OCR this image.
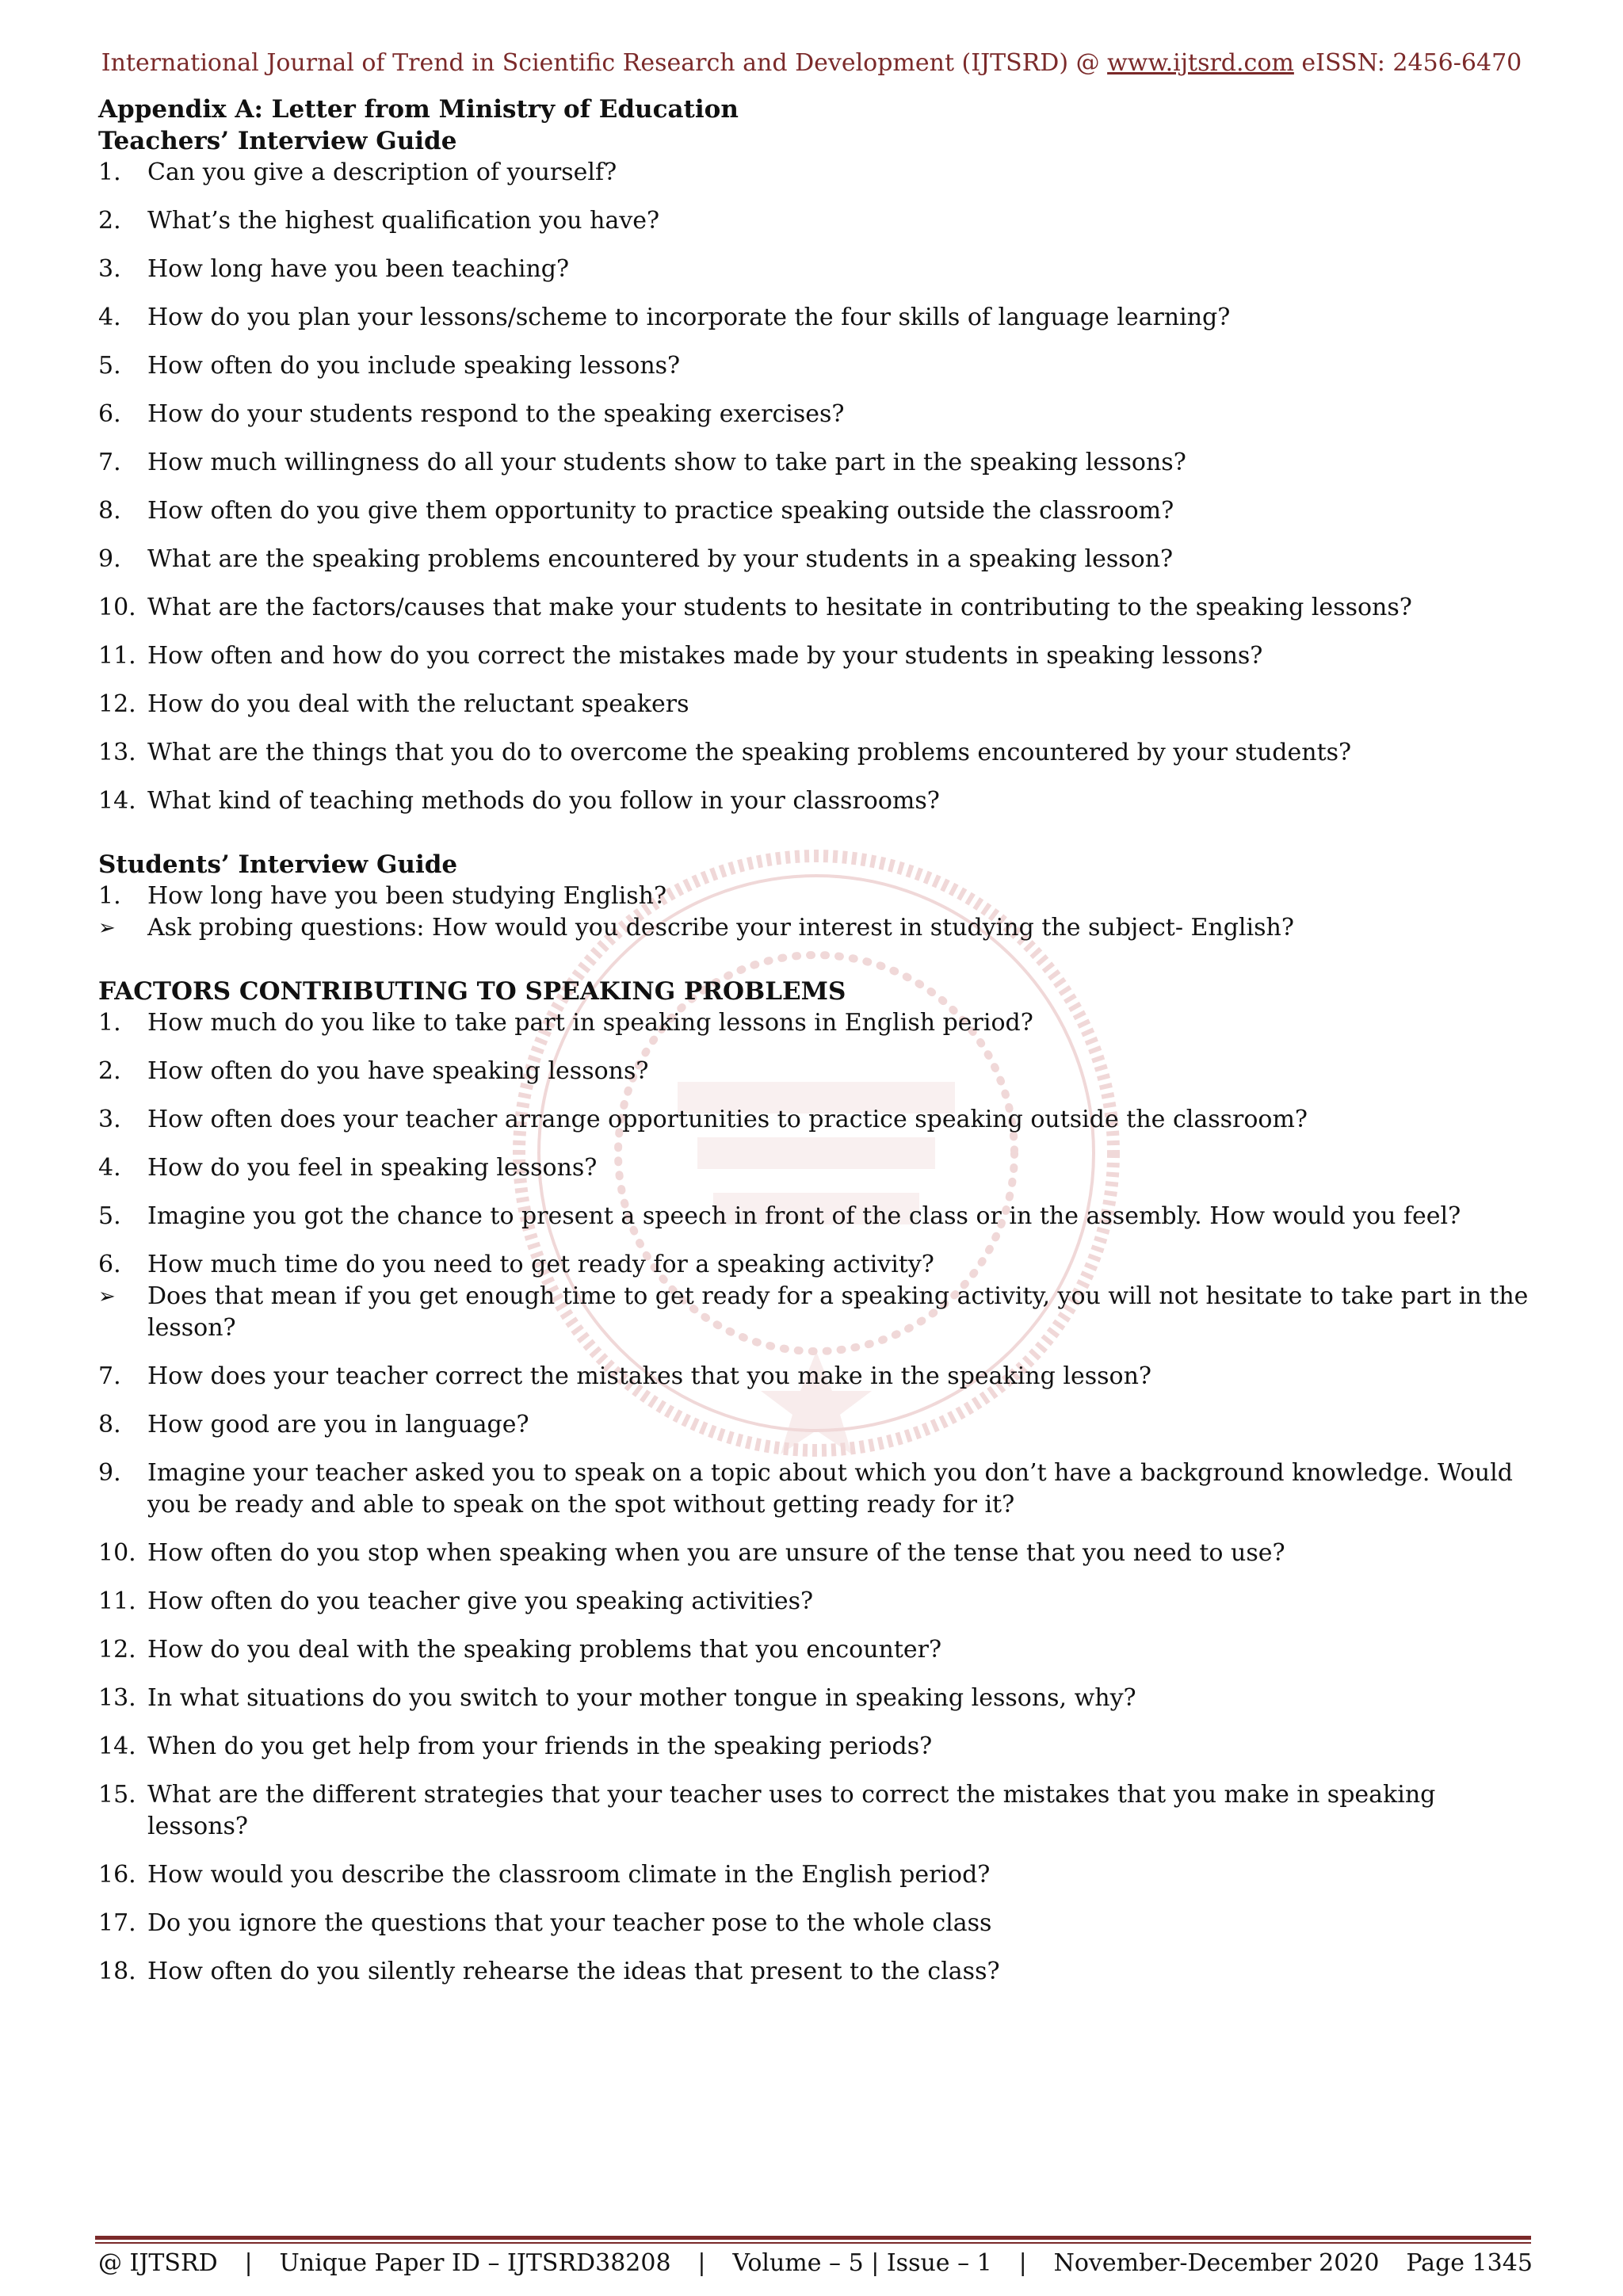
International Journal of Trend in Scientific Research and Development (IJTSRD) @ www.ijtsrd.com eISSN: 2456-6470
Appendix A: Letter from Ministry of Education
Teachers’ Interview Guide
1. Can you give a description of yourself?
2. What’s the highest qualification you have?
3. How long have you been teaching?
4. How do you plan your lessons/scheme to incorporate the four skills of language learning?
5. How often do you include speaking lessons?
6. How do your students respond to the speaking exercises?
7. How much willingness do all your students show to take part in the speaking lessons?
8. How often do you give them opportunity to practice speaking outside the classroom?
9. What are the speaking problems encountered by your students in a speaking lesson?
10. What are the factors/causes that make your students to hesitate in contributing to the speaking lessons?
11. How often and how do you correct the mistakes made by your students in speaking lessons?
12. How do you deal with the reluctant speakers
13. What are the things that you do to overcome the speaking problems encountered by your students?
14. What kind of teaching methods do you follow in your classrooms?
Students’ Interview Guide
1. How long have you been studying English?
➢ Ask probing questions: How would you describe your interest in studying the subject- English?
FACTORS CONTRIBUTING TO SPEAKING PROBLEMS
1. How much do you like to take part in speaking lessons in English period?
2. How often do you have speaking lessons?
3. How often does your teacher arrange opportunities to practice speaking outside the classroom?
4. How do you feel in speaking lessons?
5. Imagine you got the chance to present a speech in front of the class or in the assembly. How would you feel?
6. How much time do you need to get ready for a speaking activity?
➢ Does that mean if you get enough time to get ready for a speaking activity, you will not hesitate to take part in the lesson?
7. How does your teacher correct the mistakes that you make in the speaking lesson?
8. How good are you in language?
9. Imagine your teacher asked you to speak on a topic about which you don’t have a background knowledge. Would you be ready and able to speak on the spot without getting ready for it?
10. How often do you stop when speaking when you are unsure of the tense that you need to use?
11. How often do you teacher give you speaking activities?
12. How do you deal with the speaking problems that you encounter?
13. In what situations do you switch to your mother tongue in speaking lessons, why?
14. When do you get help from your friends in the speaking periods?
15. What are the different strategies that your teacher uses to correct the mistakes that you make in speaking lessons?
16. How would you describe the classroom climate in the English period?
17. Do you ignore the questions that your teacher pose to the whole class
18. How often do you silently rehearse the ideas that present to the class?
@ IJTSRD | Unique Paper ID – IJTSRD38208 | Volume – 5 | Issue – 1 | November-December 2020 Page 1345
